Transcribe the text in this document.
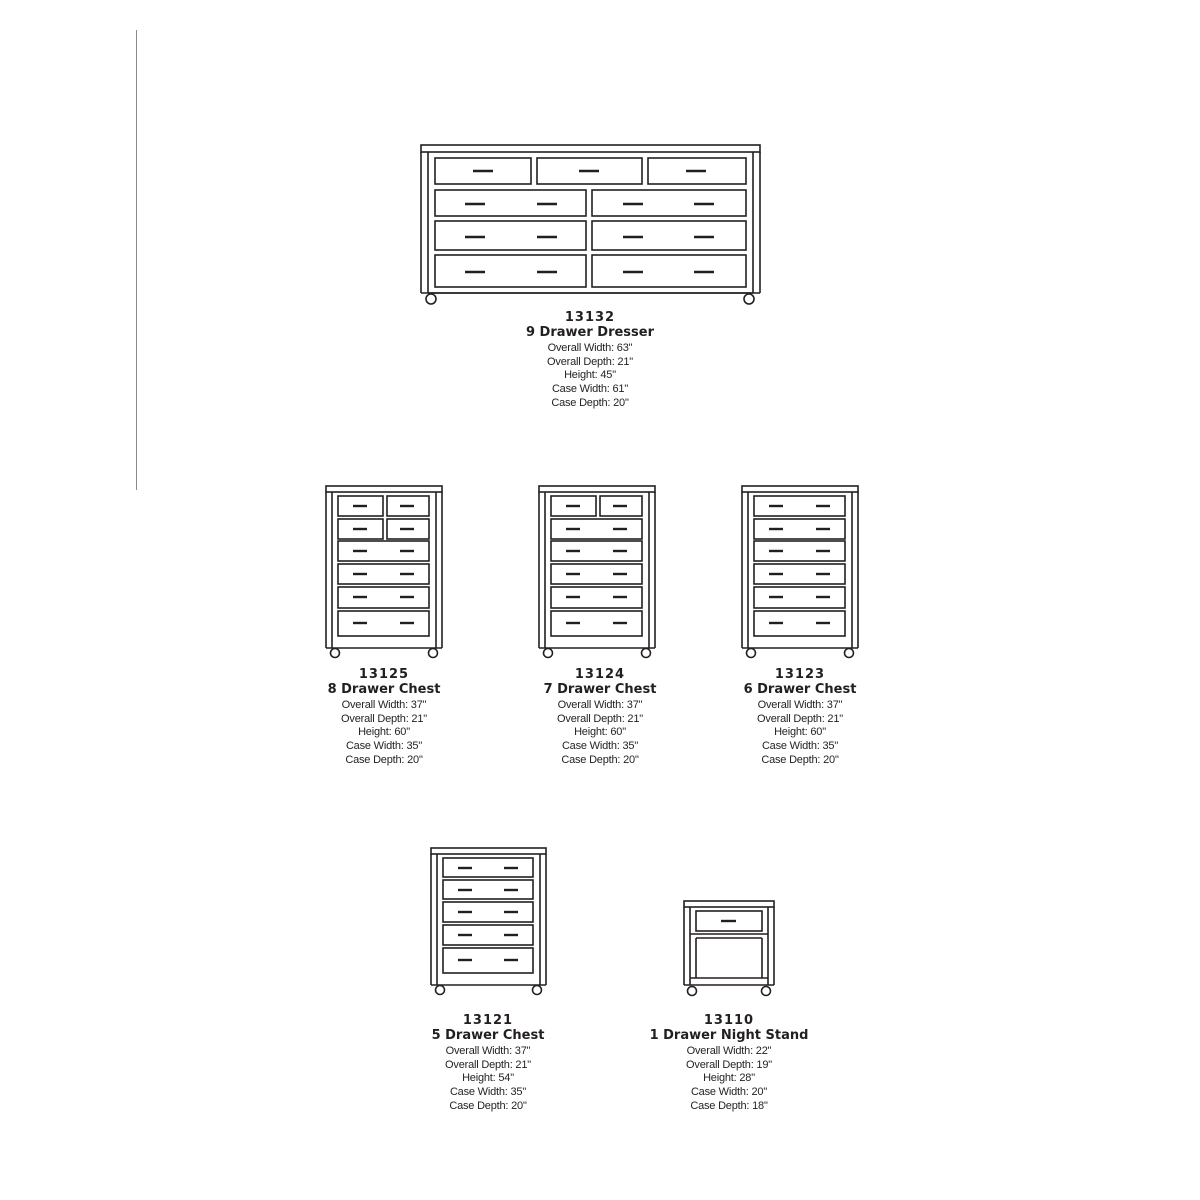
13132
9 Drawer Dresser
Overall Width: 63"
Overall Depth: 21"
Height: 45"
Case Width: 61"
Case Depth: 20"
13125
8 Drawer Chest
Overall Width: 37"
Overall Depth: 21"
Height: 60"
Case Width: 35"
Case Depth: 20"
13124
7 Drawer Chest
Overall Width: 37"
Overall Depth: 21"
Height: 60"
Case Width: 35"
Case Depth: 20"
13123
6 Drawer Chest
Overall Width: 37"
Overall Depth: 21"
Height: 60"
Case Width: 35"
Case Depth: 20"
13121
5 Drawer Chest
Overall Width: 37"
Overall Depth: 21"
Height: 54"
Case Width: 35"
Case Depth: 20"
13110
1 Drawer Night Stand
Overall Width: 22"
Overall Depth: 19"
Height: 28"
Case Width: 20"
Case Depth: 18"
